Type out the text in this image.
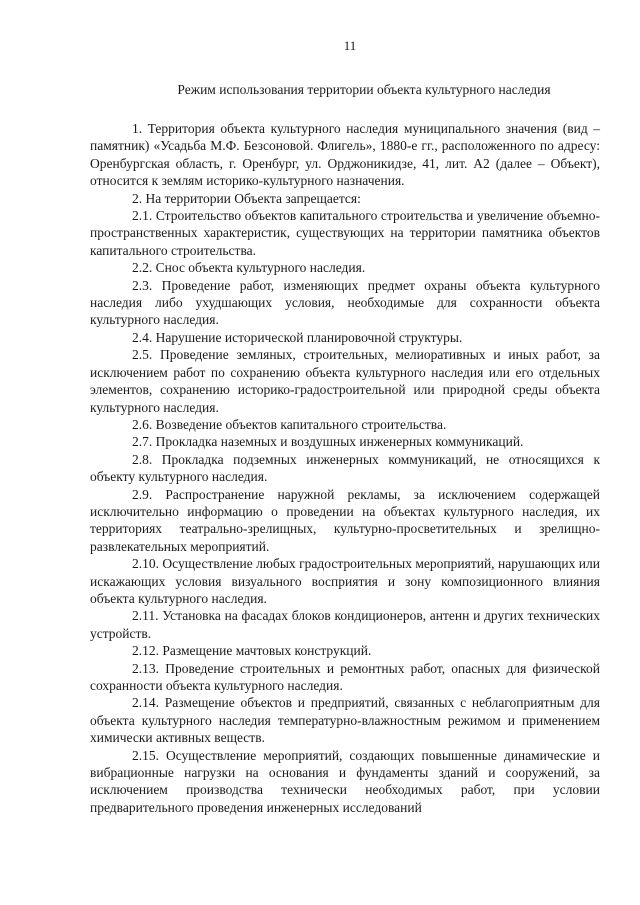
11
Режим использования территории объекта культурного наследия

1. Территория объекта культурного наследия муниципального значения (вид – памятник) «Усадьба М.Ф. Безсоновой. Флигель», 1880-е гг., расположенного по адресу: Оренбургская область, г. Оренбург, ул. Орджоникидзе, 41, лит. А2 (далее – Объект), относится к землям историко-культурного назначения.

2. На территории Объекта запрещается:

2.1. Строительство объектов капитального строительства и увеличение объемно-пространственных характеристик, существующих на территории памятника объектов капитального строительства.

2.2. Снос объекта культурного наследия.

2.3. Проведение работ, изменяющих предмет охраны объекта культурного наследия либо ухудшающих условия, необходимые для сохранности объекта культурного наследия.

2.4. Нарушение исторической планировочной структуры.

2.5. Проведение земляных, строительных, мелиоративных и иных работ, за исключением работ по сохранению объекта культурного наследия или его отдельных элементов, сохранению историко-градостроительной или природной среды объекта культурного наследия.

2.6. Возведение объектов капитального строительства.

2.7. Прокладка наземных и воздушных инженерных коммуникаций.

2.8. Прокладка подземных инженерных коммуникаций, не относящихся к объекту культурного наследия.

2.9. Распространение наружной рекламы, за исключением содержащей исключительно информацию о проведении на объектах культурного наследия, их территориях театрально-зрелищных, культурно-просветительных и зрелищно-развлекательных мероприятий.

2.10. Осуществление любых градостроительных мероприятий, нарушающих или искажающих условия визуального восприятия и зону композиционного влияния объекта культурного наследия.

2.11. Установка на фасадах блоков кондиционеров, антенн и других технических устройств.

2.12. Размещение мачтовых конструкций.

2.13. Проведение строительных и ремонтных работ, опасных для физической сохранности объекта культурного наследия.

2.14. Размещение объектов и предприятий, связанных с неблагоприятным для объекта культурного наследия температурно-влажностным режимом и применением химически активных веществ.

2.15. Осуществление мероприятий, создающих повышенные динамические и вибрационные нагрузки на основания и фундаменты зданий и сооружений, за исключением производства технически необходимых работ, при условии предварительного проведения инженерных исследований
